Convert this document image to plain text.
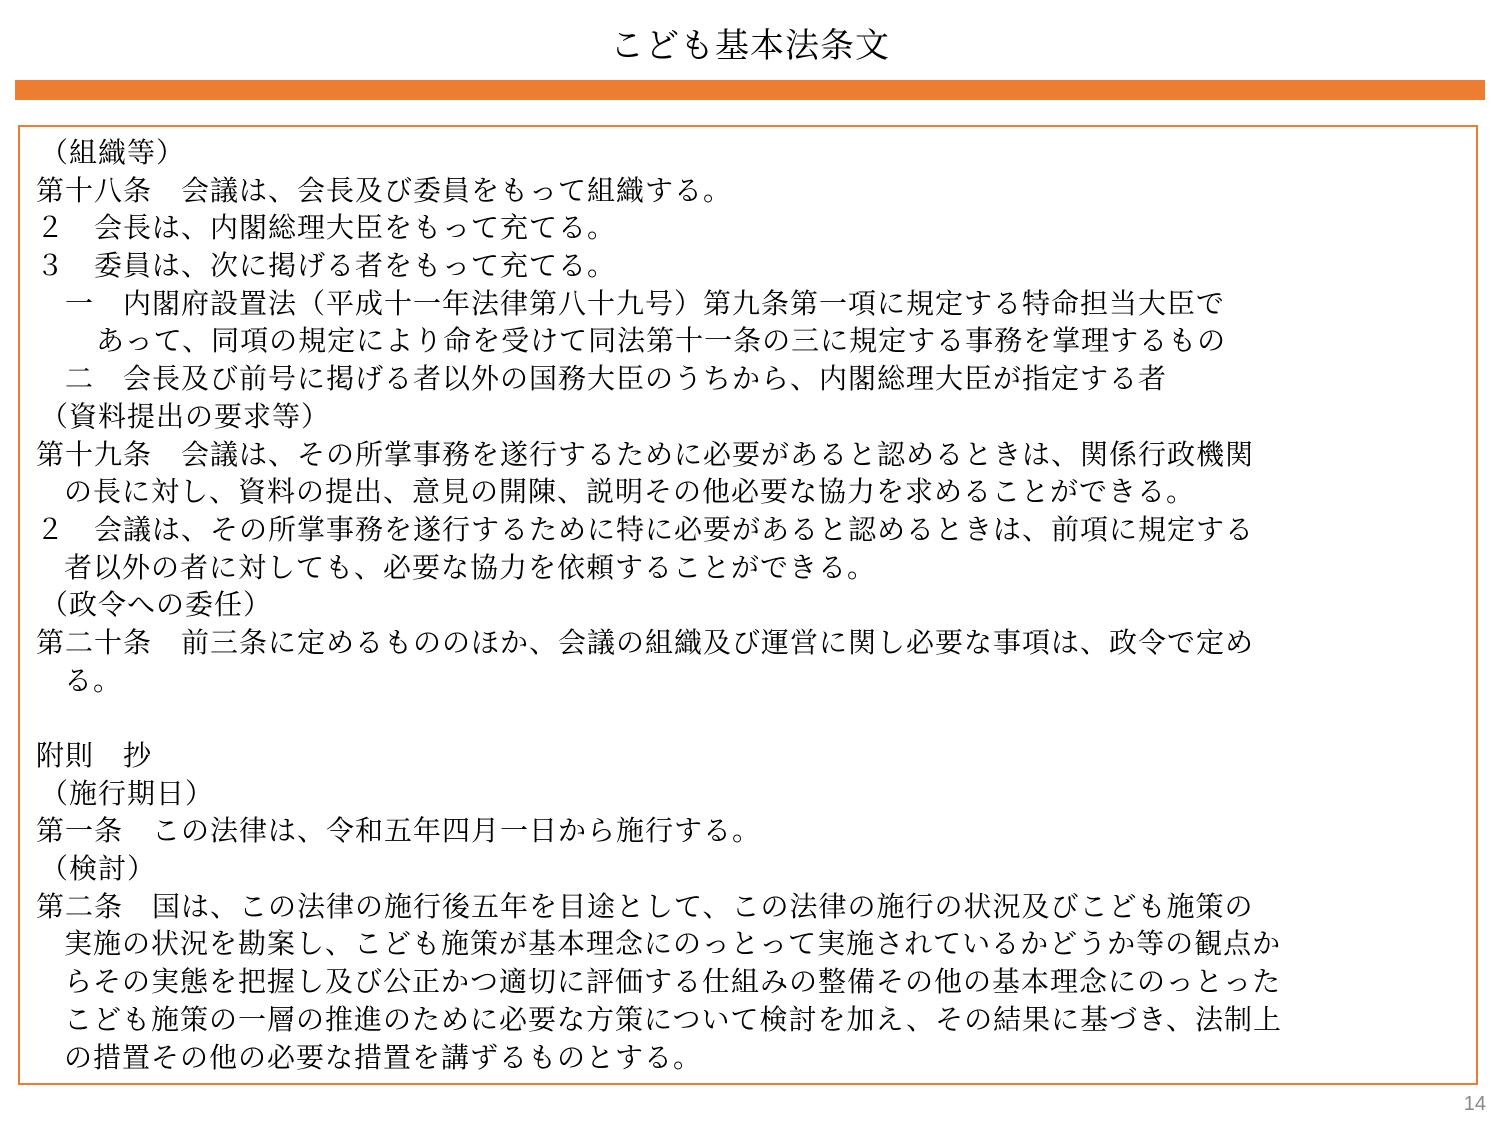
こども基本法条文
（組織等）
第十八条　会議は、会長及び委員をもって組織する。
２　会長は、内閣総理大臣をもって充てる。
３　委員は、次に掲げる者をもって充てる。
　一　内閣府設置法（平成十一年法律第八十九号）第九条第一項に規定する特命担当大臣で
あって、同項の規定により命を受けて同法第十一条の三に規定する事務を掌理するもの
　二　会長及び前号に掲げる者以外の国務大臣のうちから、内閣総理大臣が指定する者
（資料提出の要求等）
第十九条　会議は、その所掌事務を遂行するために必要があると認めるときは、関係行政機関
の長に対し、資料の提出、意見の開陳、説明その他必要な協力を求めることができる。
２　会議は、その所掌事務を遂行するために特に必要があると認めるときは、前項に規定する
者以外の者に対しても、必要な協力を依頼することができる。
（政令への委任）
第二十条　前三条に定めるもののほか、会議の組織及び運営に関し必要な事項は、政令で定め
る。
附則　抄
（施行期日）
第一条　この法律は、令和五年四月一日から施行する。
（検討）
第二条　国は、この法律の施行後五年を目途として、この法律の施行の状況及びこども施策の
実施の状況を勘案し、こども施策が基本理念にのっとって実施されているかどうか等の観点か
らその実態を把握し及び公正かつ適切に評価する仕組みの整備その他の基本理念にのっとった
こども施策の一層の推進のために必要な方策について検討を加え、その結果に基づき、法制上
の措置その他の必要な措置を講ずるものとする。
14
